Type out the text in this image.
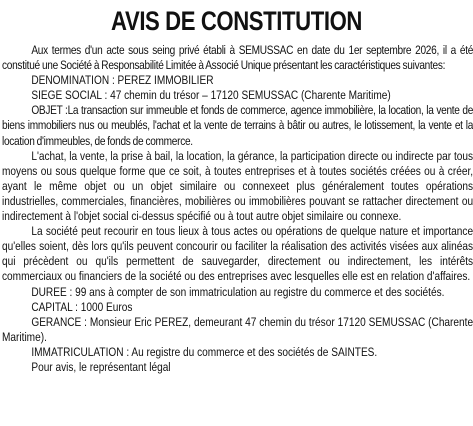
AVIS DE CONSTITUTION

Aux termes d'un acte sous seing privé établi à SEMUSSAC en date du 1er septembre 2026, il a été constitué une Société à Responsabilité Limitée à Associé Unique présentant les caractéristiques suivantes:

DENOMINATION : PEREZ IMMOBILIER

SIEGE SOCIAL : 47 chemin du trésor – 17120 SEMUSSAC (Charente Maritime)

OBJET :La transaction sur immeuble et fonds de commerce, agence immobilière, la location, la vente de biens immobiliers nus ou meublés, l'achat et la vente de terrains à bâtir ou autres, le lotissement, la vente et la location d'immeubles, de fonds de commerce.

L'achat, la vente, la prise à bail, la location, la gérance, la participation directe ou indirecte par tous moyens ou sous quelque forme que ce soit, à toutes entreprises et à toutes sociétés créées ou à créer, ayant le même objet ou un objet similaire ou connexeet plus généralement toutes opérations industrielles, commerciales, financières, mobilières ou immobilières pouvant se rattacher directement ou indirectement à l'objet social ci-dessus spécifié ou à tout autre objet similaire ou connexe.

La société peut recourir en tous lieux à tous actes ou opérations de quelque nature et importance qu'elles soient, dès lors qu'ils peuvent concourir ou faciliter la réalisation des activités visées aux alinéas qui précèdent ou qu'ils permettent de sauvegarder, directement ou indirectement, les intérêts commerciaux ou financiers de la société ou des entreprises avec lesquelles elle est en relation d'affaires.

DUREE : 99 ans à compter de son immatriculation au registre du commerce et des sociétés.

CAPITAL : 1000 Euros

GERANCE : Monsieur Eric PEREZ, demeurant 47 chemin du trésor 17120 SEMUSSAC (Charente Maritime).

IMMATRICULATION : Au registre du commerce et des sociétés de SAINTES.

Pour avis, le représentant légal
